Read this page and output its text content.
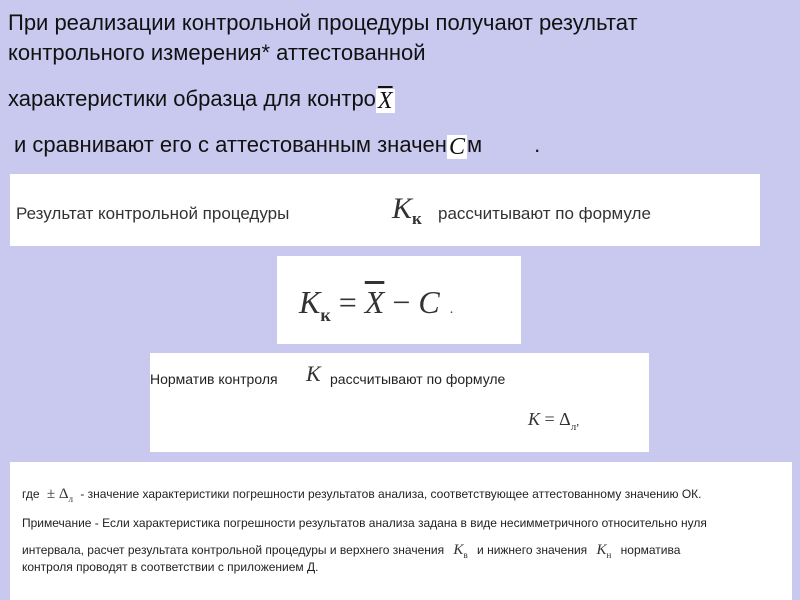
При реализации контрольной процедуры получают результат
контрольного измерения* аттестованной
характеристики образца для $контро\overline{X}$
и сравнивают его с аттестованным значенCм .
Результат контрольной процедуры	$K_к$ рассчитывают по формуле
$K_к = \overline{X} - C$ .
Норматив контроля K рассчитывают по формуле
$K = \Delta_л$,
где ± $\Delta_л$ - значение характеристики погрешности результатов анализа, соответствующее аттестованному значению ОК.
Примечание - Если характеристика погрешности результатов анализа задана в виде несимметричного относительно нуля
интервала, расчет результата контрольной процедуры и верхнего значения $K_в$ и нижнего значения $K_н$ норматива
контроля проводят в соответствии с приложением Д.
